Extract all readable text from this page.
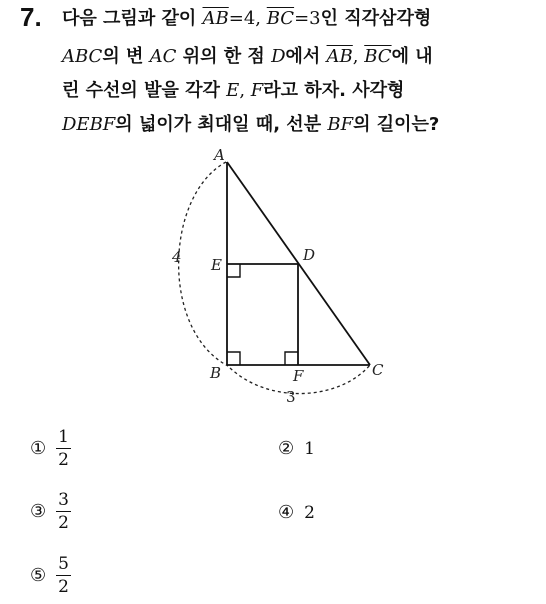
7. 다음 그림과 같이 $\overline{AB}=4$, $\overline{BC}=3$인 직각삼각형
ABC의 변 AC 위의 한 점 D에서 $\overline{AB}$, $\overline{BC}$에 내
린 수선의 발을 각각 E, F라고 하자. 사각형
DEBF의 넓이가 최대일 때, 선분 BF의 길이는?
A
B	C
D
E
F
4
3
① $\frac{1}{2}$	② 1
③ $\frac{3}{2}$	④ 2
⑤ $\frac{5}{2}$
